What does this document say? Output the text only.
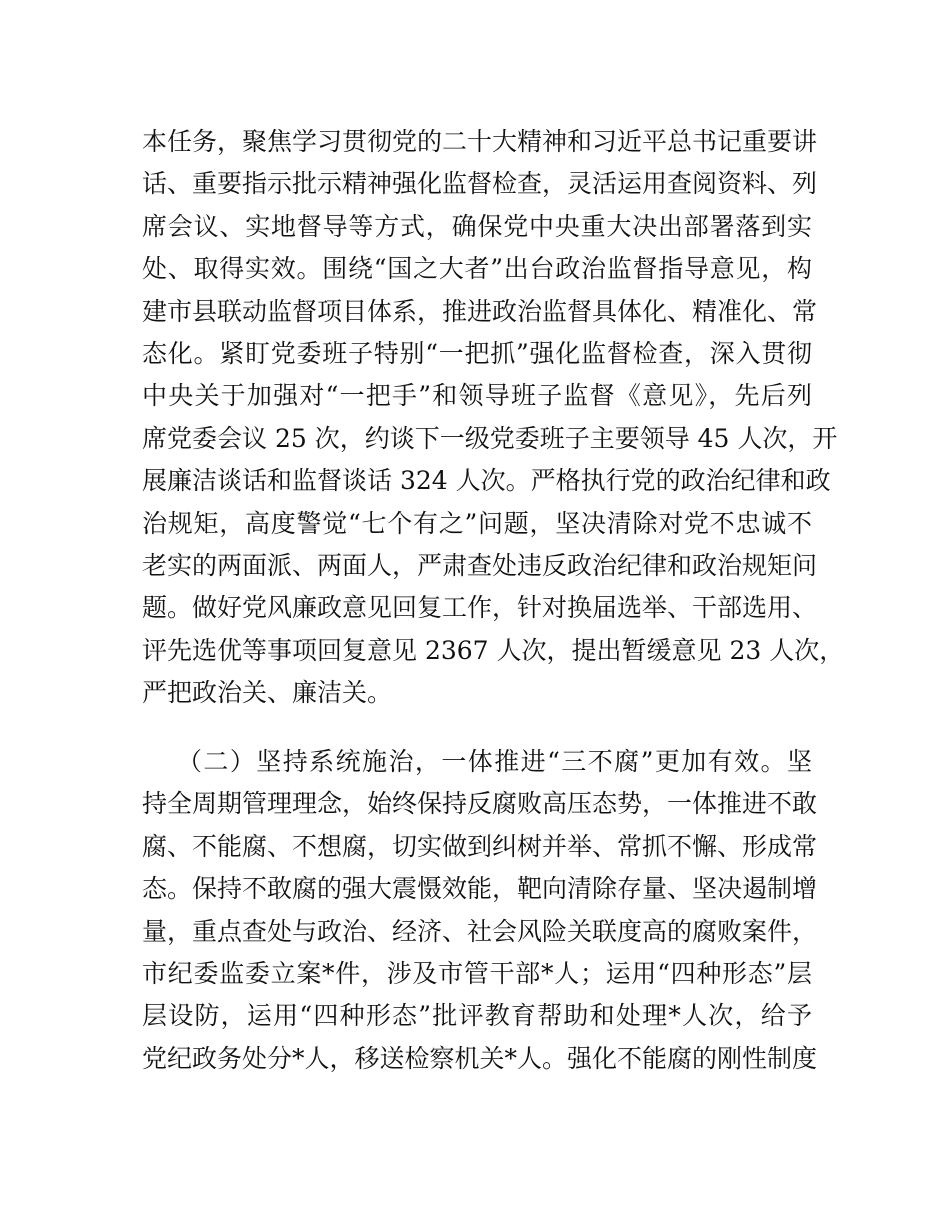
本任务，聚焦学习贯彻党的二十大精神和习近平总书记重要讲
话、重要指示批示精神强化监督检查，灵活运用查阅资料、列
席会议、实地督导等方式，确保党中央重大决出部署落到实
处、取得实效。围绕“国之大者”出台政治监督指导意见，构
建市县联动监督项目体系，推进政治监督具体化、精准化、常
态化。紧盯党委班子特别“一把抓”强化监督检查，深入贯彻
中央关于加强对“一把手”和领导班子监督《意见》，先后列
席党委会议 25 次，约谈下一级党委班子主要领导 45 人次，开
展廉洁谈话和监督谈话 324 人次。严格执行党的政治纪律和政
治规矩，高度警觉“七个有之”问题，坚决清除对党不忠诚不
老实的两面派、两面人，严肃查处违反政治纪律和政治规矩问
题。做好党风廉政意见回复工作，针对换届选举、干部选用、
评先选优等事项回复意见 2367 人次，提出暂缓意见 23 人次，
严把政治关、廉洁关。
（二）坚持系统施治，一体推进“三不腐”更加有效。坚
持全周期管理理念，始终保持反腐败高压态势，一体推进不敢
腐、不能腐、不想腐，切实做到纠树并举、常抓不懈、形成常
态。保持不敢腐的强大震慑效能，靶向清除存量、坚决遏制增
量，重点查处与政治、经济、社会风险关联度高的腐败案件，
市纪委监委立案*件，涉及市管干部*人；运用“四种形态”层
层设防，运用“四种形态”批评教育帮助和处理*人次，给予
党纪政务处分*人，移送检察机关*人。强化不能腐的刚性制度
